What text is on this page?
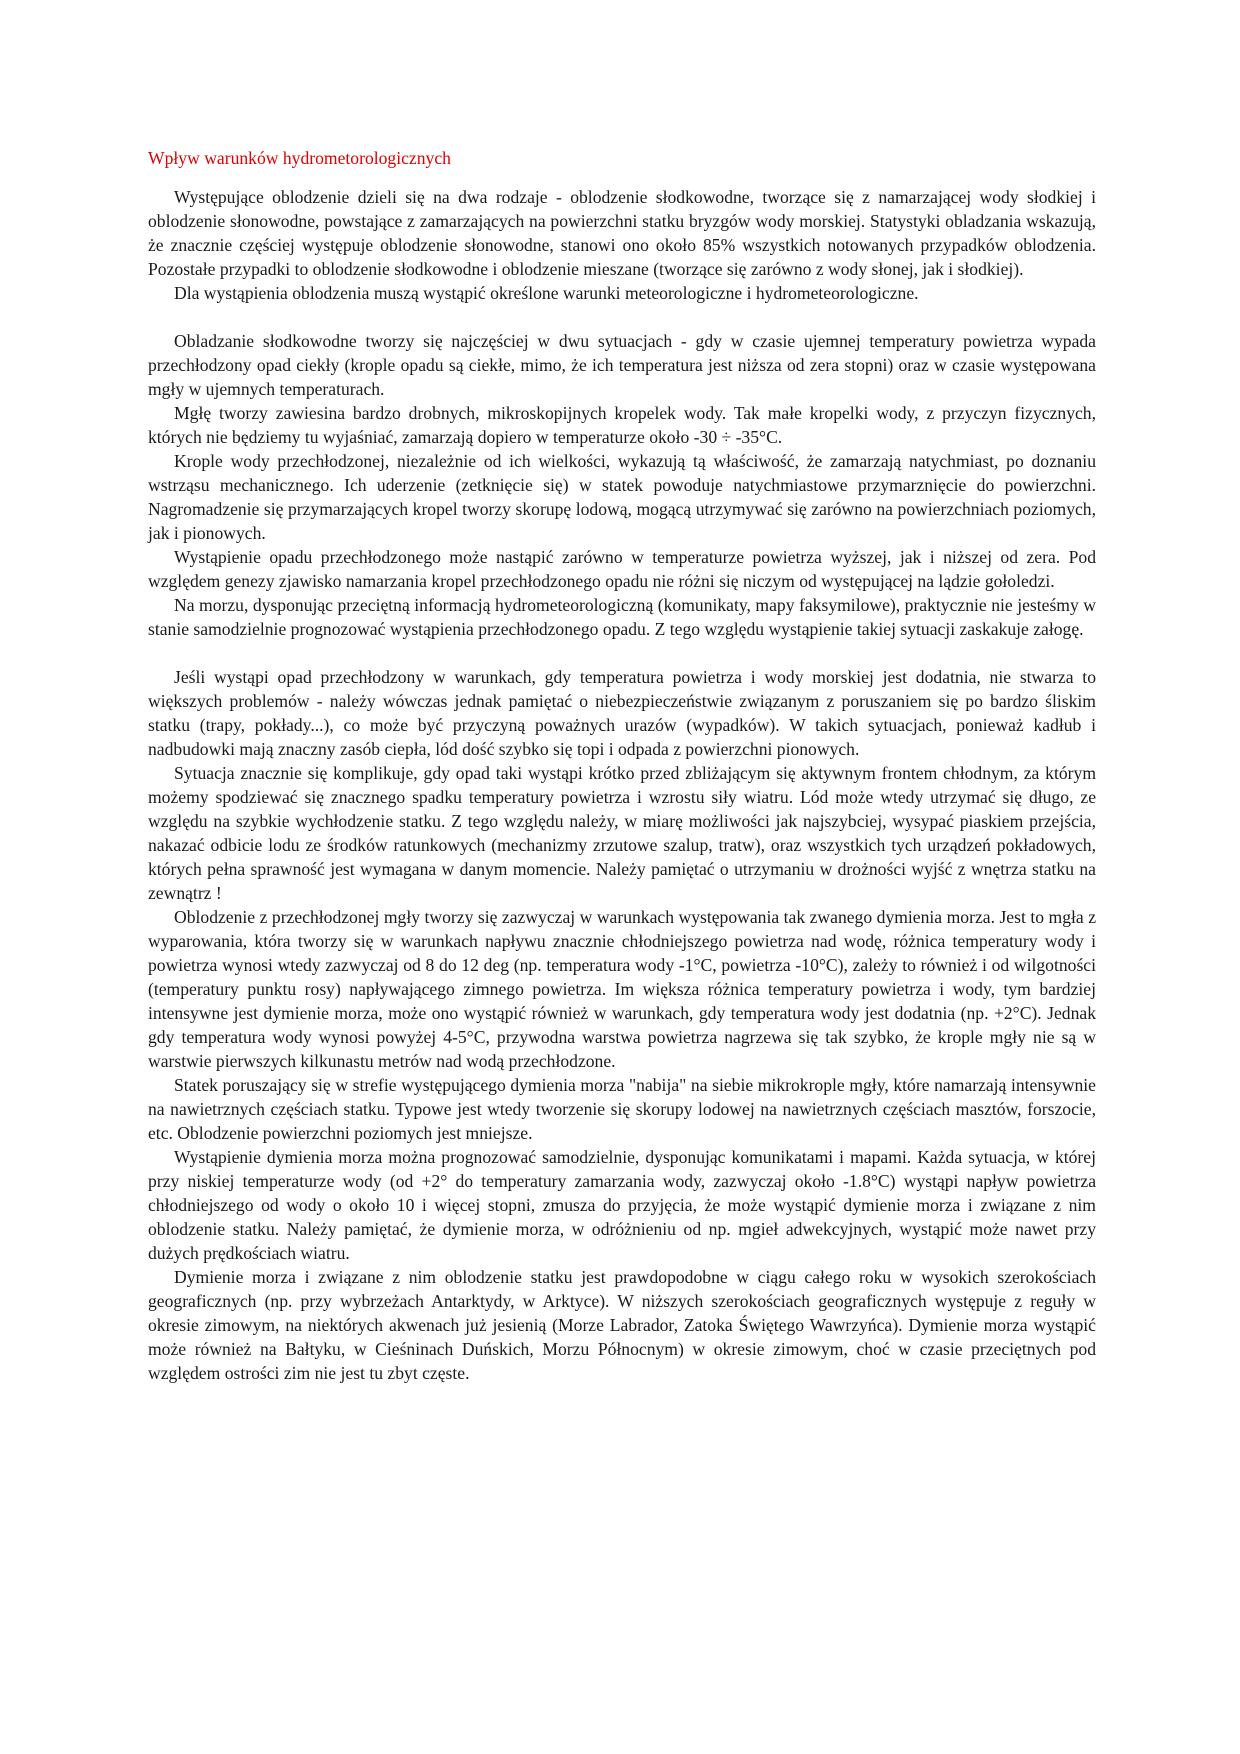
Wpływ warunków hydrometorologicznych

Występujące oblodzenie dzieli się na dwa rodzaje - oblodzenie słodkowodne, tworzące się z namarzającej wody słodkiej i oblodzenie słonowodne, powstające z zamarzających na powierzchni statku bryzgów wody morskiej. Statystyki obladzania wskazują, że znacznie częściej występuje oblodzenie słonowodne, stanowi ono około 85% wszystkich notowanych przypadków oblodzenia. Pozostałe przypadki to oblodzenie słodkowodne i oblodzenie mieszane (tworzące się zarówno z wody słonej, jak i słodkiej).

Dla wystąpienia oblodzenia muszą wystąpić określone warunki meteorologiczne i hydrometeorologiczne.

Obladzanie słodkowodne tworzy się najczęściej w dwu sytuacjach - gdy w czasie ujemnej temperatury powietrza wypada przechłodzony opad ciekły (krople opadu są ciekłe, mimo, że ich temperatura jest niższa od zera stopni) oraz w czasie występowana mgły w ujemnych temperaturach.

Mgłę tworzy zawiesina bardzo drobnych, mikroskopijnych kropelek wody. Tak małe kropelki wody, z przyczyn fizycznych, których nie będziemy tu wyjaśniać, zamarzają dopiero w temperaturze około -30 ÷ -35°C.

Krople wody przechłodzonej, niezależnie od ich wielkości, wykazują tą właściwość, że zamarzają natychmiast, po doznaniu wstrząsu mechanicznego. Ich uderzenie (zetknięcie się) w statek powoduje natychmiastowe przymarznięcie do powierzchni. Nagromadzenie się przymarzających kropel tworzy skorupę lodową, mogącą utrzymywać się zarówno na powierzchniach poziomych, jak i pionowych.

Wystąpienie opadu przechłodzonego może nastąpić zarówno w temperaturze powietrza wyższej, jak i niższej od zera. Pod względem genezy zjawisko namarzania kropel przechłodzonego opadu nie różni się niczym od występującej na lądzie gołoledzi.

Na morzu, dysponując przeciętną informacją hydrometeorologiczną (komunikaty, mapy faksymilowe), praktycznie nie jesteśmy w stanie samodzielnie prognozować wystąpienia przechłodzonego opadu. Z tego względu wystąpienie takiej sytuacji zaskakuje załogę.

Jeśli wystąpi opad przechłodzony w warunkach, gdy temperatura powietrza i wody morskiej jest dodatnia, nie stwarza to większych problemów - należy wówczas jednak pamiętać o niebezpieczeństwie związanym z poruszaniem się po bardzo śliskim statku (trapy, pokłady...), co może być przyczyną poważnych urazów (wypadków). W takich sytuacjach, ponieważ kadłub i nadbudowki mają znaczny zasób ciepła, lód dość szybko się topi i odpada z powierzchni pionowych.

Sytuacja znacznie się komplikuje, gdy opad taki wystąpi krótko przed zbliżającym się aktywnym frontem chłodnym, za którym możemy spodziewać się znacznego spadku temperatury powietrza i wzrostu siły wiatru. Lód może wtedy utrzymać się długo, ze względu na szybkie wychłodzenie statku. Z tego względu należy, w miarę możliwości jak najszybciej, wysypać piaskiem przejścia, nakazać odbicie lodu ze środków ratunkowych (mechanizmy zrzutowe szalup, tratw), oraz wszystkich tych urządzeń pokładowych, których pełna sprawność jest wymagana w danym momencie. Należy pamiętać o utrzymaniu w drożności wyjść z wnętrza statku na zewnątrz !

Oblodzenie z przechłodzonej mgły tworzy się zazwyczaj w warunkach występowania tak zwanego dymienia morza. Jest to mgła z wyparowania, która tworzy się w warunkach napływu znacznie chłodniejszego powietrza nad wodę, różnica temperatury wody i powietrza wynosi wtedy zazwyczaj od 8 do 12 deg (np. temperatura wody -1°C, powietrza -10°C), zależy to również i od wilgotności (temperatury punktu rosy) napływającego zimnego powietrza. Im większa różnica temperatury powietrza i wody, tym bardziej intensywne jest dymienie morza, może ono wystąpić również w warunkach, gdy temperatura wody jest dodatnia (np. +2°C). Jednak gdy temperatura wody wynosi powyżej 4-5°C, przywodna warstwa powietrza nagrzewa się tak szybko, że krople mgły nie są w warstwie pierwszych kilkunastu metrów nad wodą przechłodzone.

Statek poruszający się w strefie występującego dymienia morza "nabija" na siebie mikrokrople mgły, które namarzają intensywnie na nawietrznych częściach statku. Typowe jest wtedy tworzenie się skorupy lodowej na nawietrznych częściach masztów, forszocie, etc. Oblodzenie powierzchni poziomych jest mniejsze.

Wystąpienie dymienia morza można prognozować samodzielnie, dysponując komunikatami i mapami. Każda sytuacja, w której przy niskiej temperaturze wody (od +2° do temperatury zamarzania wody, zazwyczaj około -1.8°C) wystąpi napływ powietrza chłodniejszego od wody o około 10 i więcej stopni, zmusza do przyjęcia, że może wystąpić dymienie morza i związane z nim oblodzenie statku. Należy pamiętać, że dymienie morza, w odróżnieniu od np. mgieł adwekcyjnych, wystąpić może nawet przy dużych prędkościach wiatru.

Dymienie morza i związane z nim oblodzenie statku jest prawdopodobne w ciągu całego roku w wysokich szerokościach geograficznych (np. przy wybrzeżach Antarktydy, w Arktyce). W niższych szerokościach geograficznych występuje z reguły w okresie zimowym, na niektórych akwenach już jesienią (Morze Labrador, Zatoka Świętego Wawrzyńca). Dymienie morza wystąpić może również na Bałtyku, w Cieśninach Duńskich, Morzu Północnym) w okresie zimowym, choć w czasie przeciętnych pod względem ostrości zim nie jest tu zbyt częste.
